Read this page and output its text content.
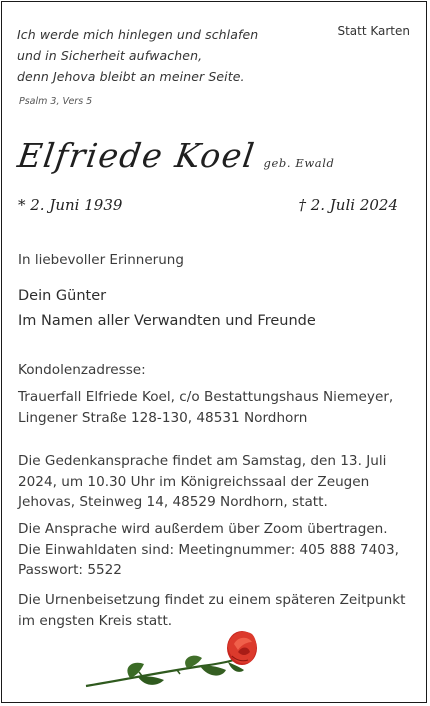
Ich werde mich hinlegen und schlafen
und in Sicherheit aufwachen,
denn Jehova bleibt an meiner Seite.
Psalm 3, Vers 5
Statt Karten
Elfriede Koel geb. Ewald
* 2. Juni 1939	† 2. Juli 2024
In liebevoller Erinnerung
Dein Günter
Im Namen aller Verwandten und Freunde
Kondolenzadresse:
Trauerfall Elfriede Koel, c/o Bestattungshaus Niemeyer,
Lingener Straße 128-130, 48531 Nordhorn
Die Gedenkansprache findet am Samstag, den 13. Juli
2024, um 10.30 Uhr im Königreichssaal der Zeugen
Jehovas, Steinweg 14, 48529 Nordhorn, statt.
Die Ansprache wird außerdem über Zoom übertragen.
Die Einwahldaten sind: Meetingnummer: 405 888 7403,
Passwort: 5522
Die Urnenbeisetzung findet zu einem späteren Zeitpunkt
im engsten Kreis statt.
